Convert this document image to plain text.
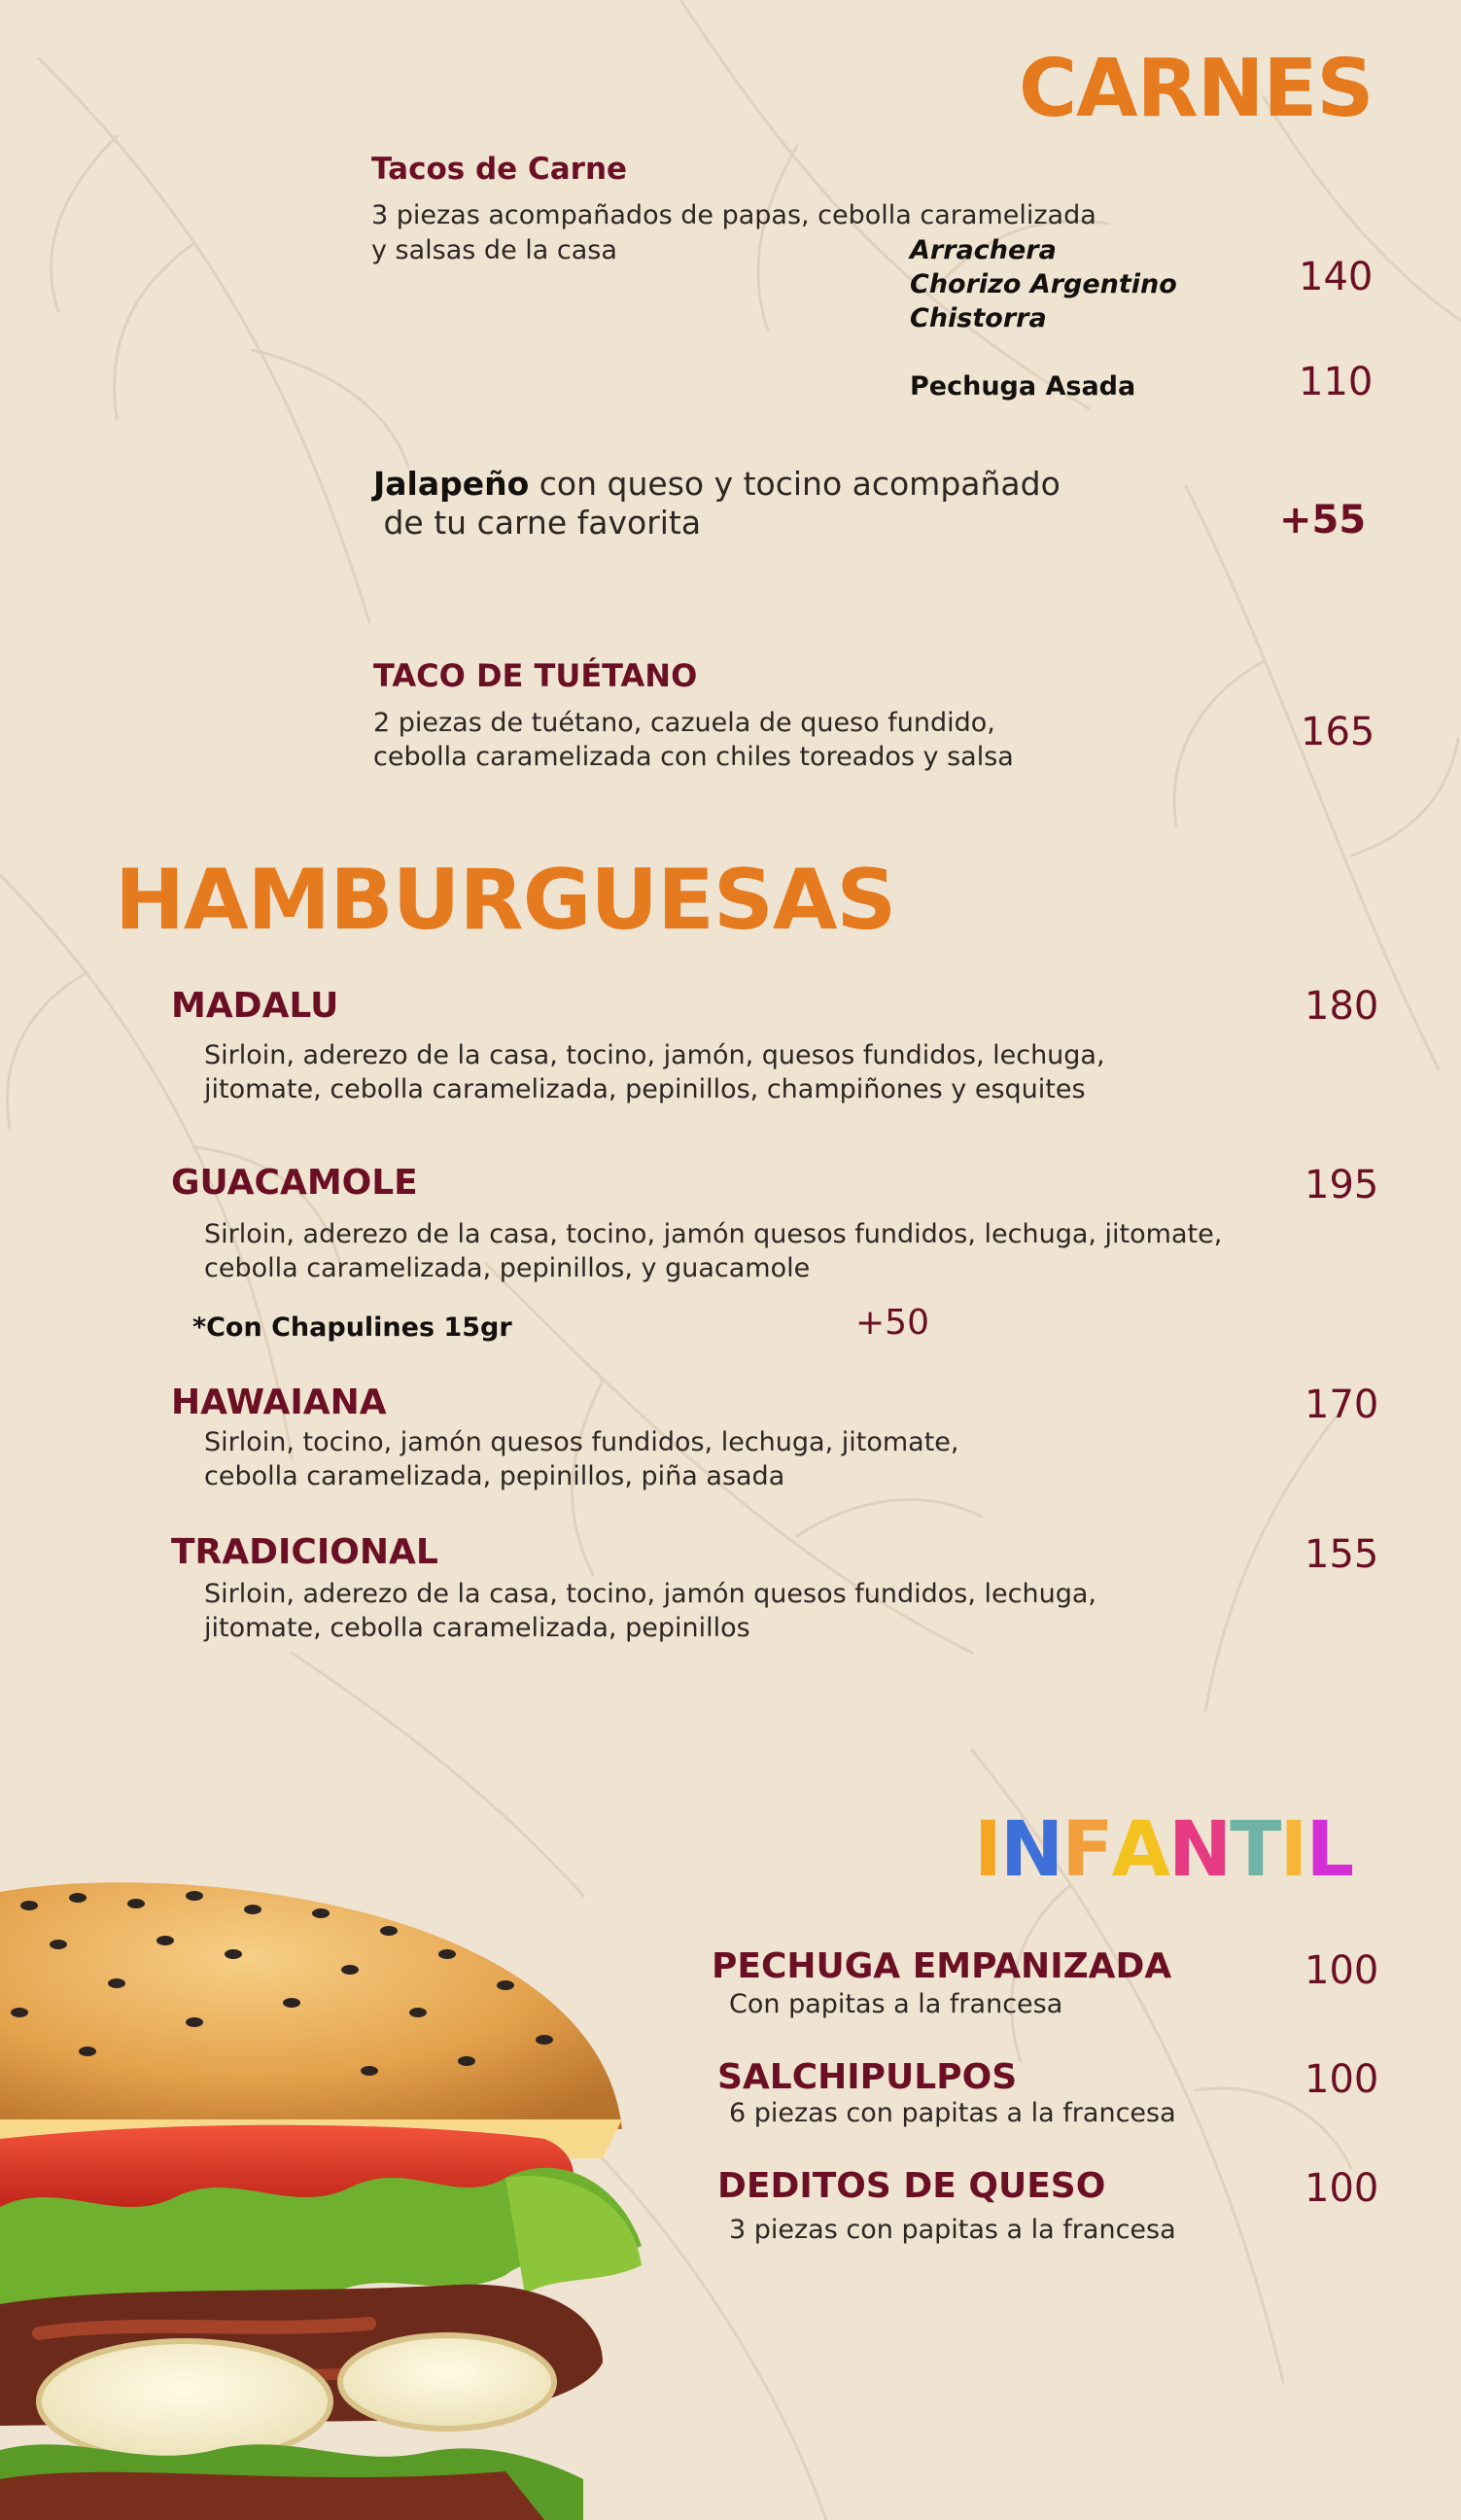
CARNES
Tacos de Carne
3 piezas acompañados de papas, cebolla caramelizada
y salsas de la casa	Arrachera
Chorizo Argentino
Chistorra
140
Pechuga Asada	110
Jalapeño con queso y tocino acompañado
de tu carne favorita	+55
TACO DE TUÉTANO
2 piezas de tuétano, cazuela de queso fundido,
cebolla caramelizada con chiles toreados y salsa
165
HAMBURGUESAS
MADALU	180
Sirloin, aderezo de la casa, tocino, jamón, quesos fundidos, lechuga,
jitomate, cebolla caramelizada, pepinillos, champiñones y esquites
GUACAMOLE	195
Sirloin, aderezo de la casa, tocino, jamón quesos fundidos, lechuga, jitomate,
cebolla caramelizada, pepinillos, y guacamole
*Con Chapulines 15gr	+50
HAWAIANA	170
Sirloin, tocino, jamón quesos fundidos, lechuga, jitomate,
cebolla caramelizada, pepinillos, piña asada
TRADICIONAL	155
Sirloin, aderezo de la casa, tocino, jamón quesos fundidos, lechuga,
jitomate, cebolla caramelizada, pepinillos
INFANTIL
PECHUGA EMPANIZADA	100
Con papitas a la francesa
SALCHIPULPOS	100
6 piezas con papitas a la francesa
DEDITOS DE QUESO	100
3 piezas con papitas a la francesa
